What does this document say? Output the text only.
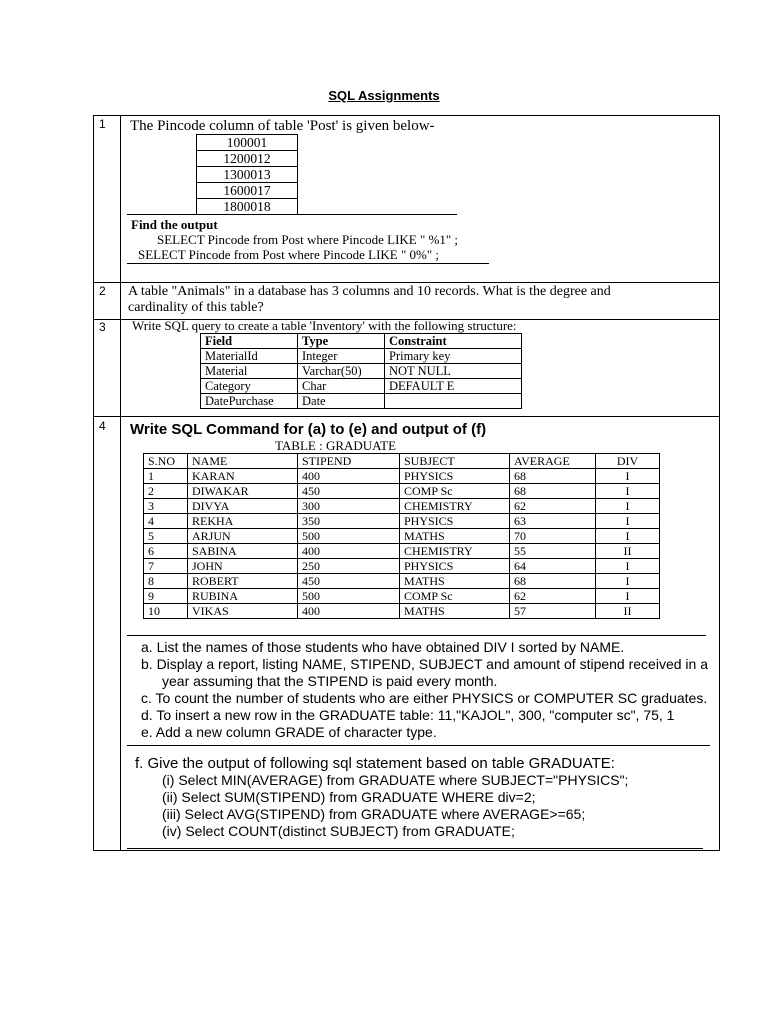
SQL Assignments
1 The Pincode column of table 'Post' is given below-
100001
1200012
1300013
1600017
1800018
Find the output
SELECT Pincode from Post where Pincode LIKE " %1" ;
SELECT Pincode from Post where Pincode LIKE " 0%" ;
2 A table "Animals" in a database has 3 columns and 10 records. What is the degree and
cardinality of this table?
3 Write SQL query to create a table 'Inventory' with the following structure:
Field	Type	Constraint
MaterialId	Integer	Primary key
Material	Varchar(50)	NOT NULL
Category	Char	DEFAULT E
DatePurchase	Date	
4 Write SQL Command for (a) to (e) and output of (f)
TABLE : GRADUATE
S.NO	NAME	STIPEND	SUBJECT	AVERAGE	DIV
1	KARAN	400	PHYSICS	68	I
2	DIWAKAR	450	COMP Sc	68	I
3	DIVYA	300	CHEMISTRY	62	I
4	REKHA	350	PHYSICS	63	I
5	ARJUN	500	MATHS	70	I
6	SABINA	400	CHEMISTRY	55	II
7	JOHN	250	PHYSICS	64	I
8	ROBERT	450	MATHS	68	I
9	RUBINA	500	COMP Sc	62	I
10	VIKAS	400	MATHS	57	II
a. List the names of those students who have obtained DIV I sorted by NAME.
b. Display a report, listing NAME, STIPEND, SUBJECT and amount of stipend received in a
year assuming that the STIPEND is paid every month.
c. To count the number of students who are either PHYSICS or COMPUTER SC graduates.
d. To insert a new row in the GRADUATE table: 11,"KAJOL", 300, "computer sc", 75, 1
e. Add a new column GRADE of character type.
f. Give the output of following sql statement based on table GRADUATE:
(i) Select MIN(AVERAGE) from GRADUATE where SUBJECT="PHYSICS";
(ii) Select SUM(STIPEND) from GRADUATE WHERE div=2;
(iii) Select AVG(STIPEND) from GRADUATE where AVERAGE>=65;
(iv) Select COUNT(distinct SUBJECT) from GRADUATE;
